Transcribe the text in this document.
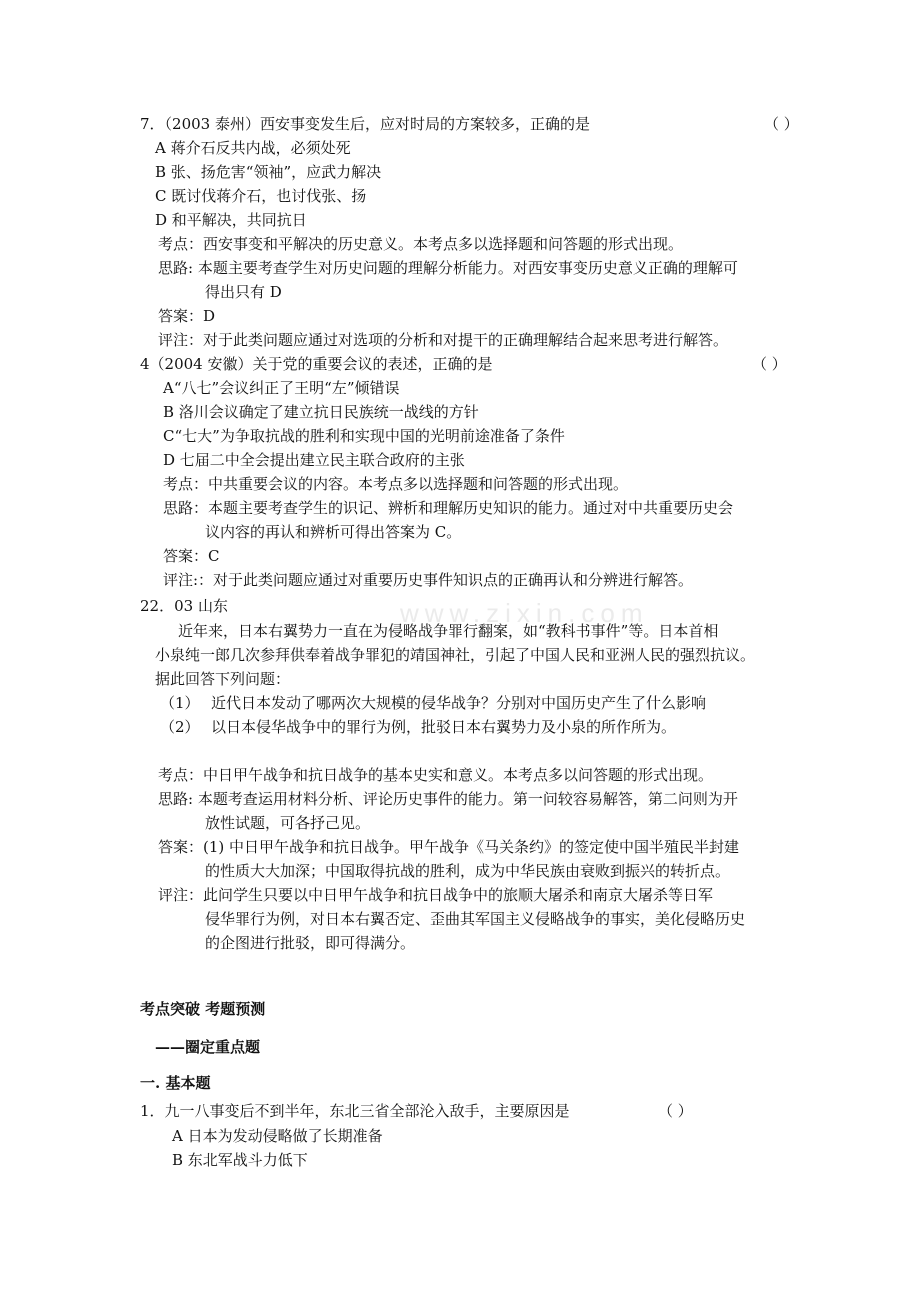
www.zixin.com
7．（2003 泰州）西安事变发生后，应对时局的方案较多，正确的是	（ ）
A 蒋介石反共内战，必须处死
B 张、扬危害“领袖”，应武力解决
C 既讨伐蒋介石，也讨伐张、扬
D 和平解决，共同抗日
考点：西安事变和平解决的历史意义。本考点多以选择题和问答题的形式出现。
思路: 本题主要考查学生对历史问题的理解分析能力。对西安事变历史意义正确的理解可
得出只有 D
答案：D
评注：对于此类问题应通过对选项的分析和对提干的正确理解结合起来思考进行解答。
4（2004 安徽）关于党的重要会议的表述，正确的是	（ ）
A“八七”会议纠正了王明“左”倾错误
B 洛川会议确定了建立抗日民族统一战线的方针
C“七大”为争取抗战的胜利和实现中国的光明前途准备了条件
D 七届二中全会提出建立民主联合政府的主张
考点：中共重要会议的内容。本考点多以选择题和问答题的形式出现。
思路：本题主要考查学生的识记、辨析和理解历史知识的能力。通过对中共重要历史会
议内容的再认和辨析可得出答案为 C。
答案：C
评注:：对于此类问题应通过对重要历史事件知识点的正确再认和分辨进行解答。
22．03 山东
近年来，日本右翼势力一直在为侵略战争罪行翻案，如“教科书事件”等。日本首相
小泉纯一郎几次参拜供奉着战争罪犯的靖国神社，引起了中国人民和亚洲人民的强烈抗议。
据此回答下列问题：
（1） 近代日本发动了哪两次大规模的侵华战争？分别对中国历史产生了什么影响
（2） 以日本侵华战争中的罪行为例，批驳日本右翼势力及小泉的所作所为。
考点：中日甲午战争和抗日战争的基本史实和意义。本考点多以问答题的形式出现。
思路: 本题考查运用材料分析、评论历史事件的能力。第一问较容易解答，第二问则为开
放性试题，可各抒己见。
答案：(1) 中日甲午战争和抗日战争。甲午战争《马关条约》的签定使中国半殖民半封建
的性质大大加深；中国取得抗战的胜利，成为中华民族由衰败到振兴的转折点。
评注：此问学生只要以中日甲午战争和抗日战争中的旅顺大屠杀和南京大屠杀等日军
侵华罪行为例，对日本右翼否定、歪曲其军国主义侵略战争的事实，美化侵略历史
的企图进行批驳，即可得满分。
考点突破 考题预测
——圈定重点题
一. 基本题
1．九一八事变后不到半年，东北三省全部沦入敌手，主要原因是	（ ）
A 日本为发动侵略做了长期准备
B 东北军战斗力低下
